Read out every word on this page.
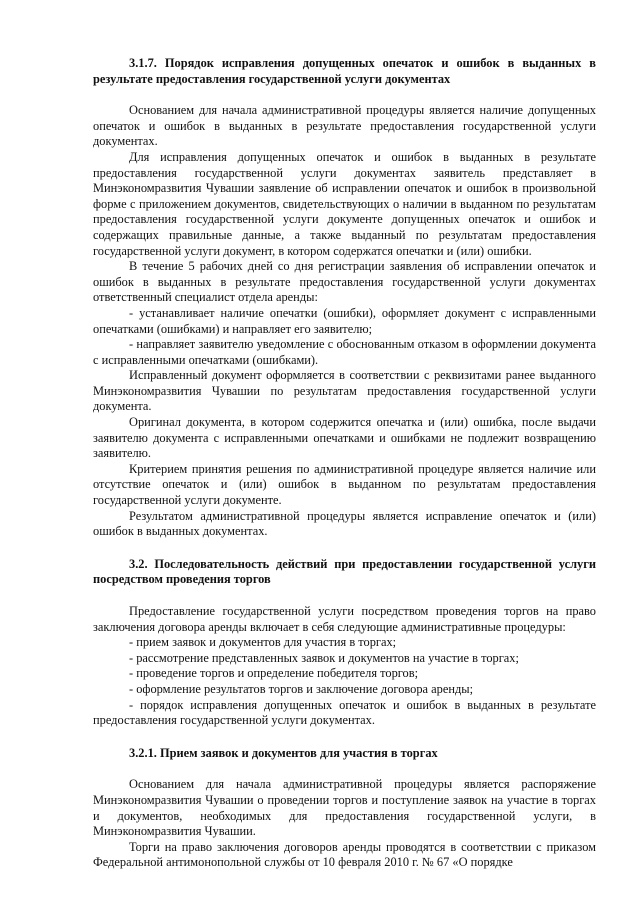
3.1.7. Порядок исправления допущенных опечаток и ошибок в выданных в результате предоставления государственной услуги документах

Основанием для начала административной процедуры является наличие допущенных опечаток и ошибок в выданных в результате предоставления государственной услуги документах.

Для исправления допущенных опечаток и ошибок в выданных в результате предоставления государственной услуги документах заявитель представляет в Минэкономразвития Чувашии заявление об исправлении опечаток и ошибок в произвольной форме с приложением документов, свидетельствующих о наличии в выданном по результатам предоставления государственной услуги документе допущенных опечаток и ошибок и содержащих правильные данные, а также выданный по результатам предоставления государственной услуги документ, в котором содержатся опечатки и (или) ошибки.

В течение 5 рабочих дней со дня регистрации заявления об исправлении опечаток и ошибок в выданных в результате предоставления государственной услуги документах ответственный специалист отдела аренды:

- устанавливает наличие опечатки (ошибки), оформляет документ с исправленными опечатками (ошибками) и направляет его заявителю;

- направляет заявителю уведомление с обоснованным отказом в оформлении документа с исправленными опечатками (ошибками).

Исправленный документ оформляется в соответствии с реквизитами ранее выданного Минэкономразвития Чувашии по результатам предоставления государственной услуги документа.

Оригинал документа, в котором содержится опечатка и (или) ошибка, после выдачи заявителю документа с исправленными опечатками и ошибками не подлежит возвращению заявителю.

Критерием принятия решения по административной процедуре является наличие или отсутствие опечаток и (или) ошибок в выданном по результатам предоставления государственной услуги документе.

Результатом административной процедуры является исправление опечаток и (или) ошибок в выданных документах.

3.2. Последовательность действий при предоставлении государственной услуги посредством проведения торгов

Предоставление государственной услуги посредством проведения торгов на право заключения договора аренды включает в себя следующие административные процедуры:

- прием заявок и документов для участия в торгах;

- рассмотрение представленных заявок и документов на участие в торгах;

- проведение торгов и определение победителя торгов;

- оформление результатов торгов и заключение договора аренды;

- порядок исправления допущенных опечаток и ошибок в выданных в результате предоставления государственной услуги документах.

3.2.1. Прием заявок и документов для участия в торгах

Основанием для начала административной процедуры является распоряжение Минэкономразвития Чувашии о проведении торгов и поступление заявок на участие в торгах и документов, необходимых для предоставления государственной услуги, в Минэкономразвития Чувашии.

Торги на право заключения договоров аренды проводятся в соответствии с приказом Федеральной антимонопольной службы от 10 февраля 2010 г. № 67 «О порядке
